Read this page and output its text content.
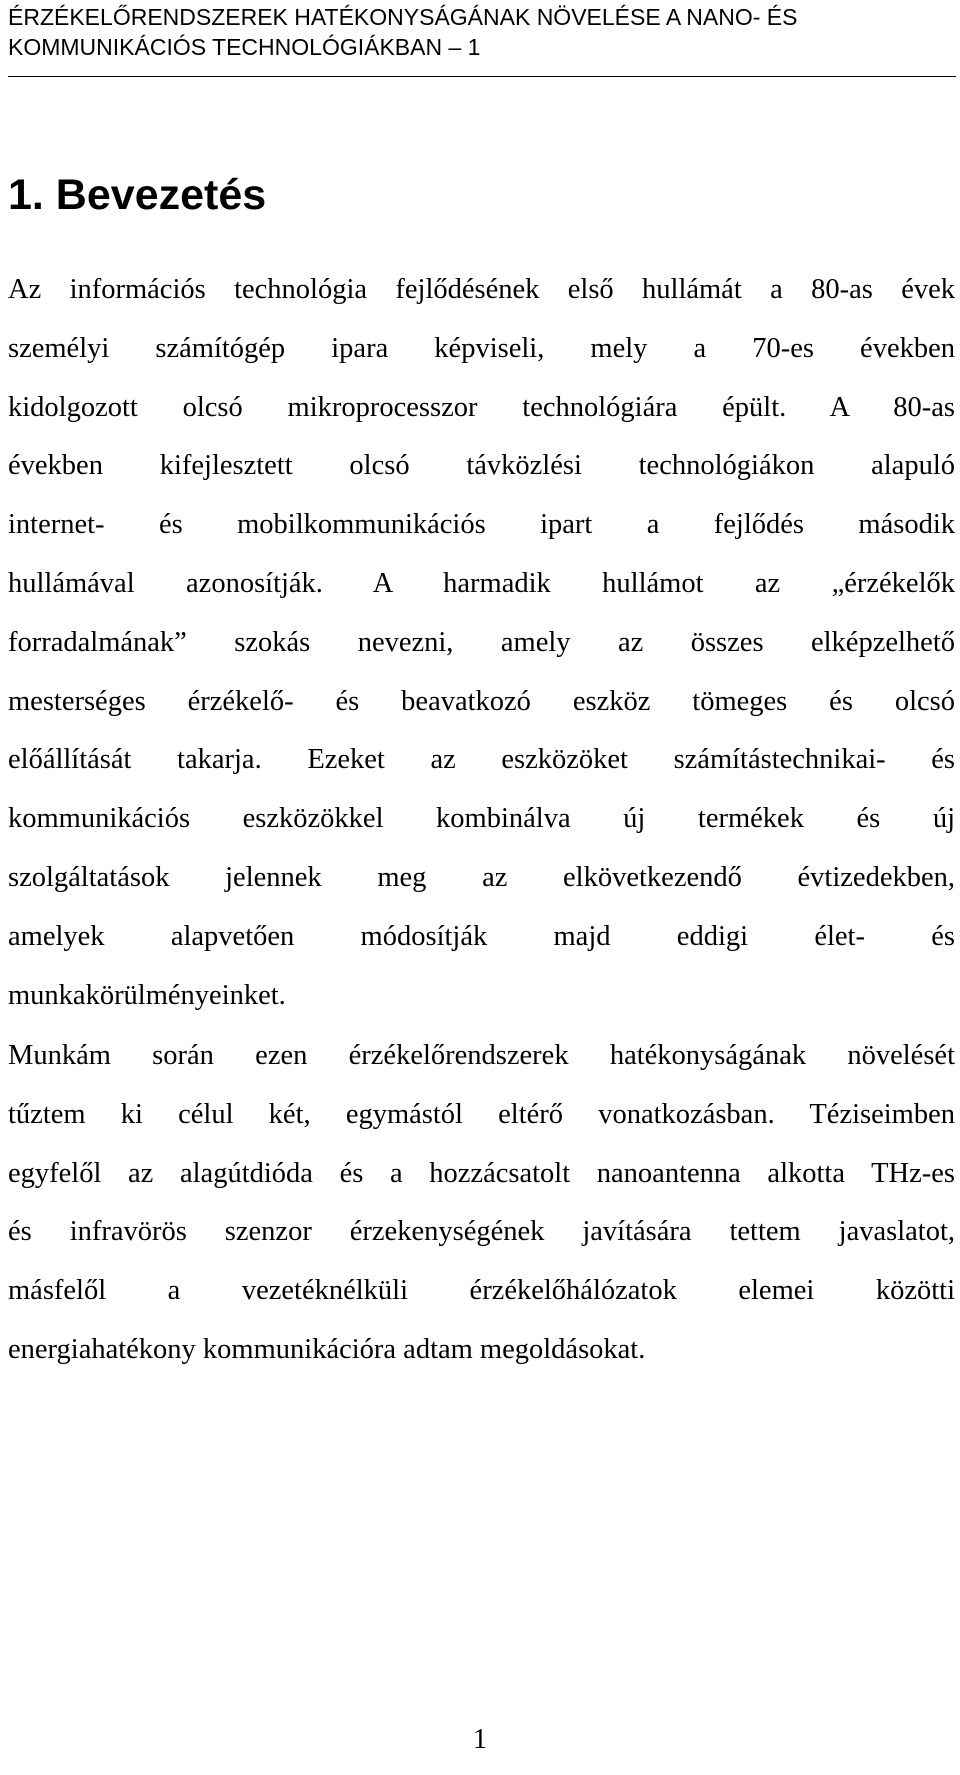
ÉRZÉKELŐRENDSZEREK HATÉKONYSÁGÁNAK NÖVELÉSE A NANO- ÉS
KOMMUNIKÁCIÓS TECHNOLÓGIÁKBAN – 1
1. Bevezetés
Az információs technológia fejlődésének első hullámát a 80-as évek
személyi számítógép ipara képviseli, mely a 70-es években
kidolgozott olcsó mikroprocesszor technológiára épült. A 80-as
években kifejlesztett olcsó távközlési technológiákon alapuló
internet- és mobilkommunikációs ipart a fejlődés második
hullámával azonosítják. A harmadik hullámot az „érzékelők
forradalmának” szokás nevezni, amely az összes elképzelhető
mesterséges érzékelő- és beavatkozó eszköz tömeges és olcsó
előállítását takarja. Ezeket az eszközöket számítástechnikai- és
kommunikációs eszközökkel kombinálva új termékek és új
szolgáltatások jelennek meg az elkövetkezendő évtizedekben,
amelyek alapvetően módosítják majd eddigi élet- és
munkakörülményeinket.
Munkám során ezen érzékelőrendszerek hatékonyságának növelését
tűztem ki célul két, egymástól eltérő vonatkozásban. Téziseimben
egyfelől az alagútdióda és a hozzácsatolt nanoantenna alkotta THz-es
és infravörös szenzor érzekenységének javítására tettem javaslatot,
másfelől a vezetéknélküli érzékelőhálózatok elemei közötti
energiahatékony kommunikációra adtam megoldásokat.
1
